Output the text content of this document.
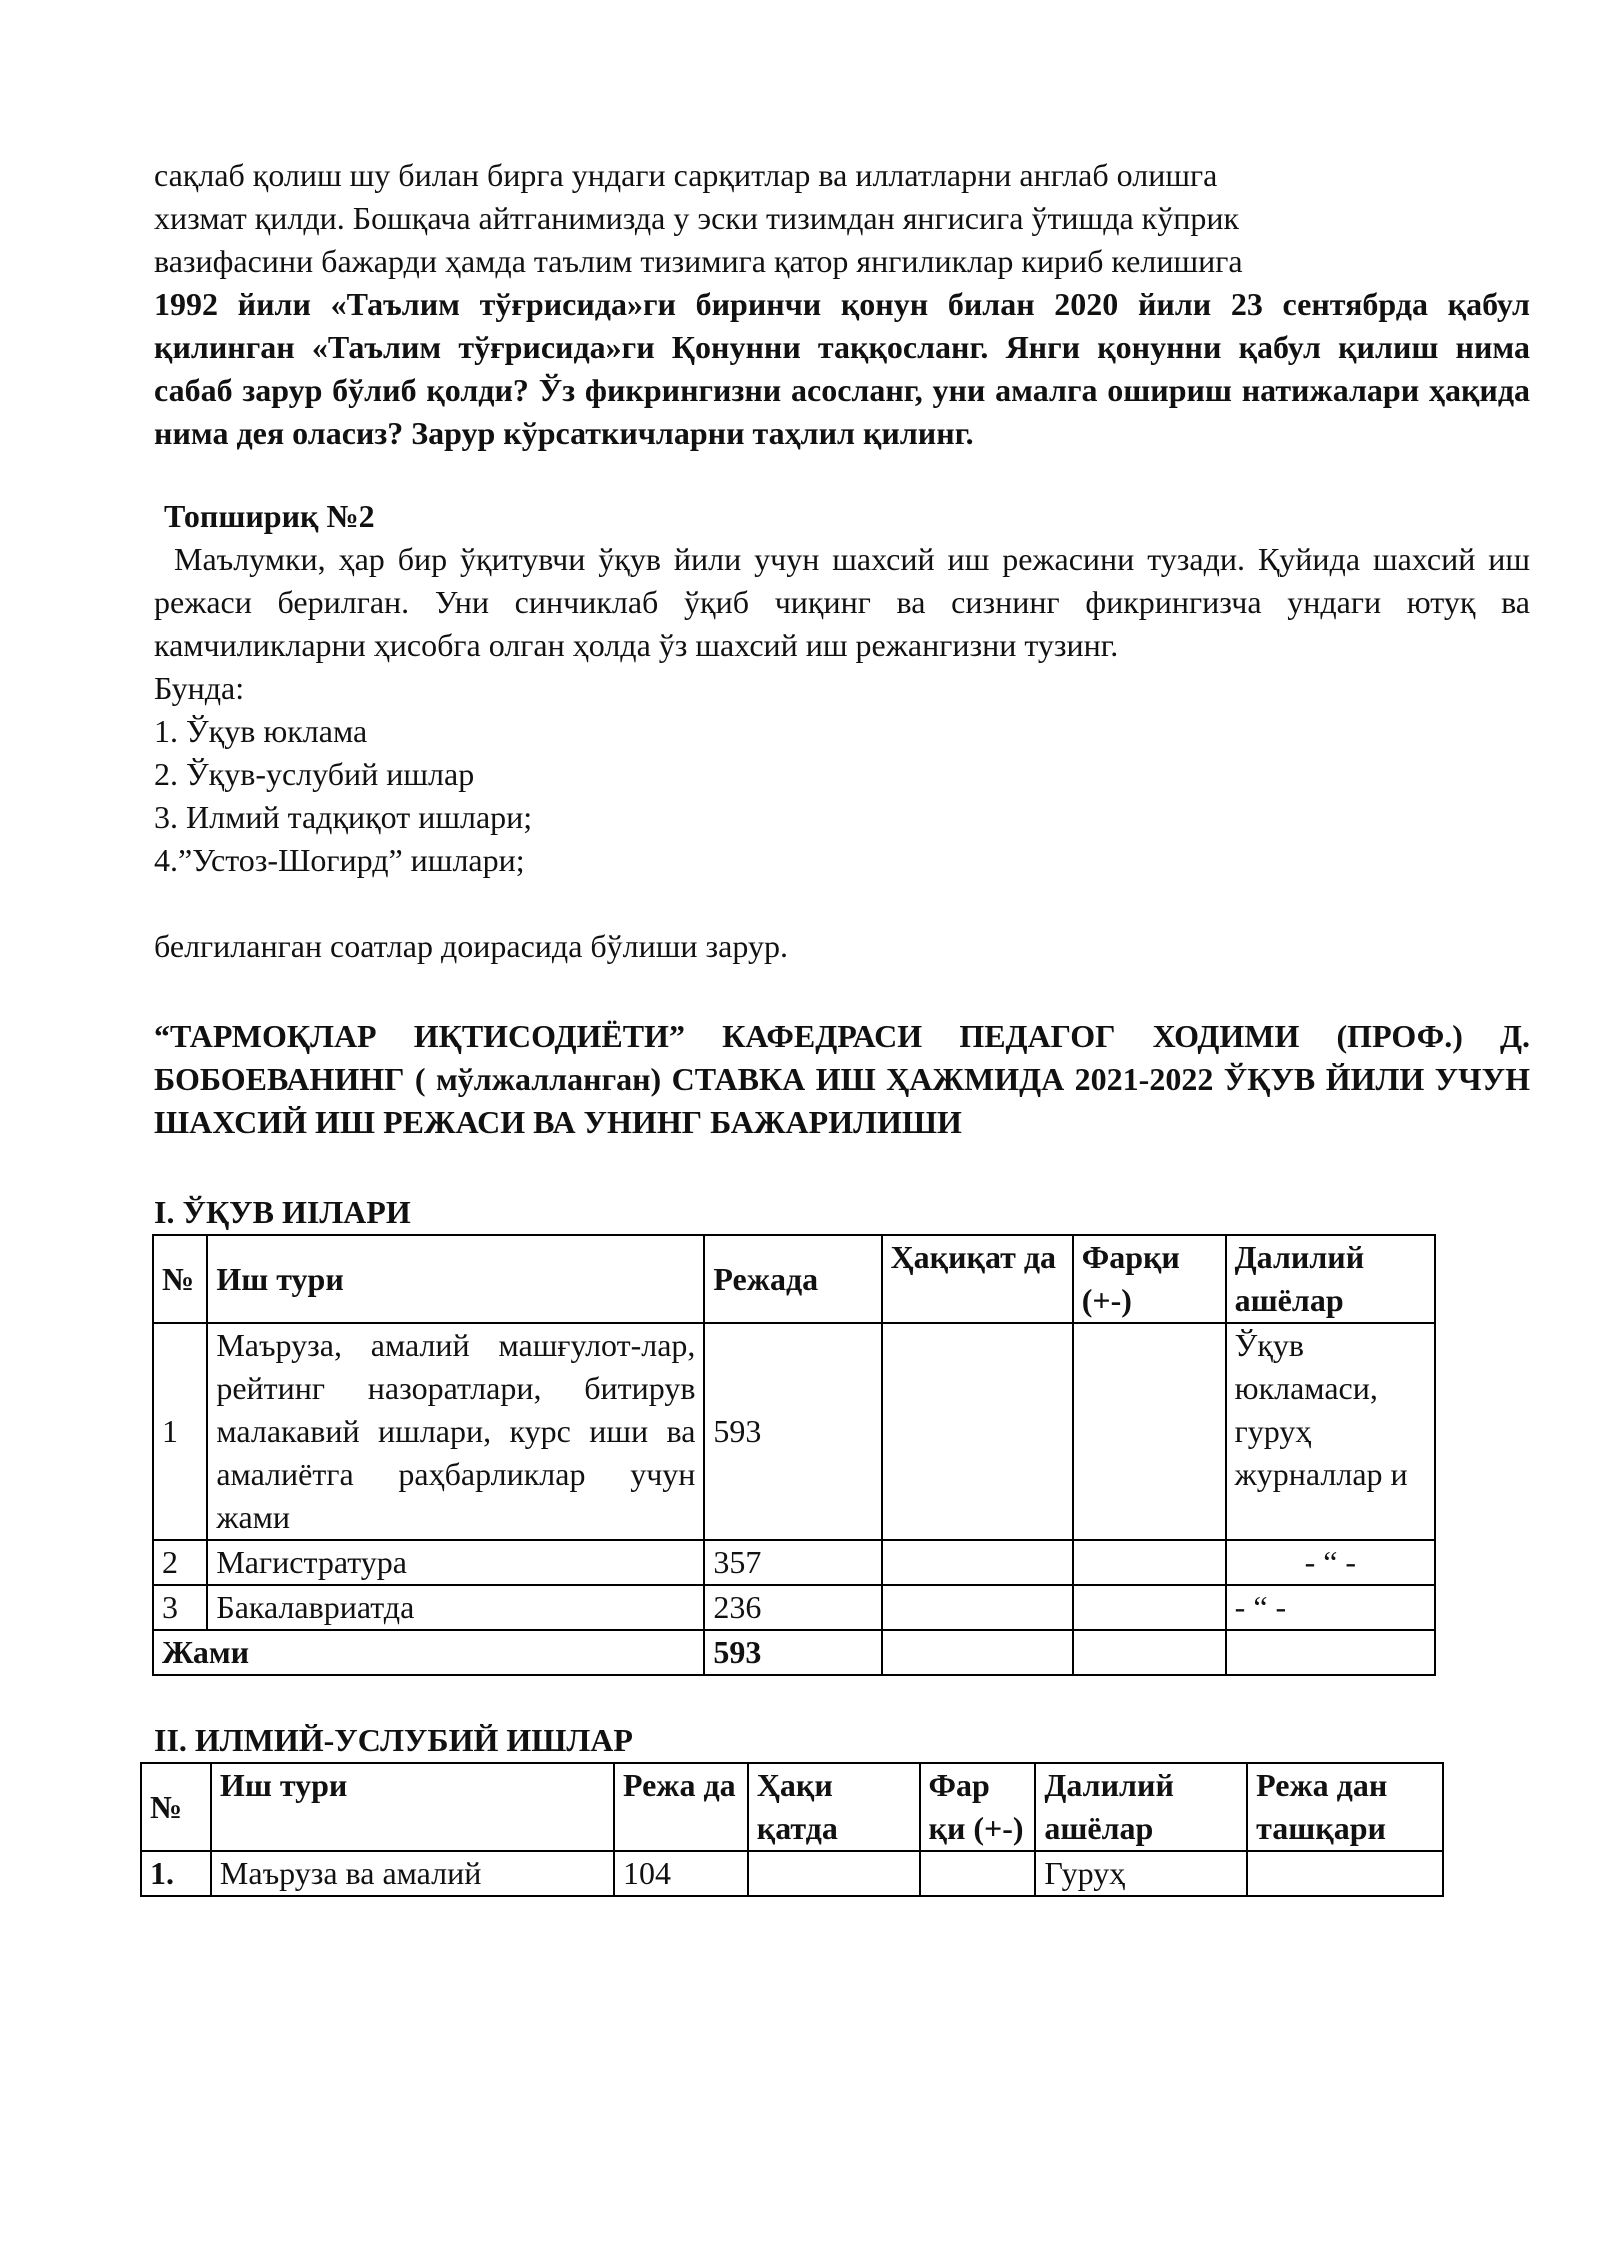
сақлаб қолиш шу билан бирга ундаги сарқитлар ва иллатларни англаб олишга

хизмат қилди. Бошқача айтганимизда у эски тизимдан янгисига ўтишда кўприк

вазифасини бажарди ҳамда таълим тизимига қатор янгиликлар кириб келишига

1992 йили «Таълим тўғрисида»ги биринчи қонун билан 2020 йили 23 сентябрда қабул қилинган «Таълим тўғрисида»ги Қонунни таққосланг. Янги қонунни қабул қилиш нима сабаб зарур бўлиб қолди? Ўз фикрингизни асосланг, уни амалга ошириш натижалари ҳақида нима дея оласиз? Зарур кўрсаткичларни таҳлил қилинг.

Топшириқ №2

Маълумки, ҳар бир ўқитувчи ўқув йили учун шахсий иш режасини тузади. Қуйида шахсий иш режаси берилган. Уни синчиклаб ўқиб чиқинг ва сизнинг фикрингизча ундаги ютуқ ва камчиликларни ҳисобга олган ҳолда ўз шахсий иш режангизни тузинг.

Бунда:

1. Ўқув юклама

2. Ўқув-услубий ишлар

3. Илмий тадқиқот ишлари;

4.”Устоз-Шогирд” ишлари;

белгиланган соатлар доирасида бўлиши зарур.

“ТАРМОҚЛАР ИҚТИСОДИЁТИ” КАФЕДРАСИ ПЕДАГОГ ХОДИМИ (ПРОФ.) Д. БОБОЕВАНИНГ ( мўлжалланган) СТАВКА ИШ ҲАЖМИДА 2021-2022 ЎҚУВ ЙИЛИ УЧУН ШАХСИЙ ИШ РЕЖАСИ ВА УНИНГ БАЖАРИЛИШИ

I. ЎҚУВ ИIЛАРИ

№	Иш тури	Режада	Ҳақиқат да	Фарқи (+-)	Далилий ашёлар
1	Маъруза, амалий машғулот-лар, рейтинг назоратлари, битирув малакавий ишлари, курс иши ва амалиётга раҳбарликлар учун жами	593			Ўқув юкламаси, гуруҳ журналлар и
2	Магистратура	357			- “ -
3	Бакалавриатда	236			- “ -
Жами		593			

II. ИЛМИЙ-УСЛУБИЙ ИШЛАР

№	Иш тури	Режа да	Ҳақи қатда	Фар қи (+-)	Далилий ашёлар	Режа дан ташқари
1.	Маъруза ва амалий	104			Гуруҳ	
